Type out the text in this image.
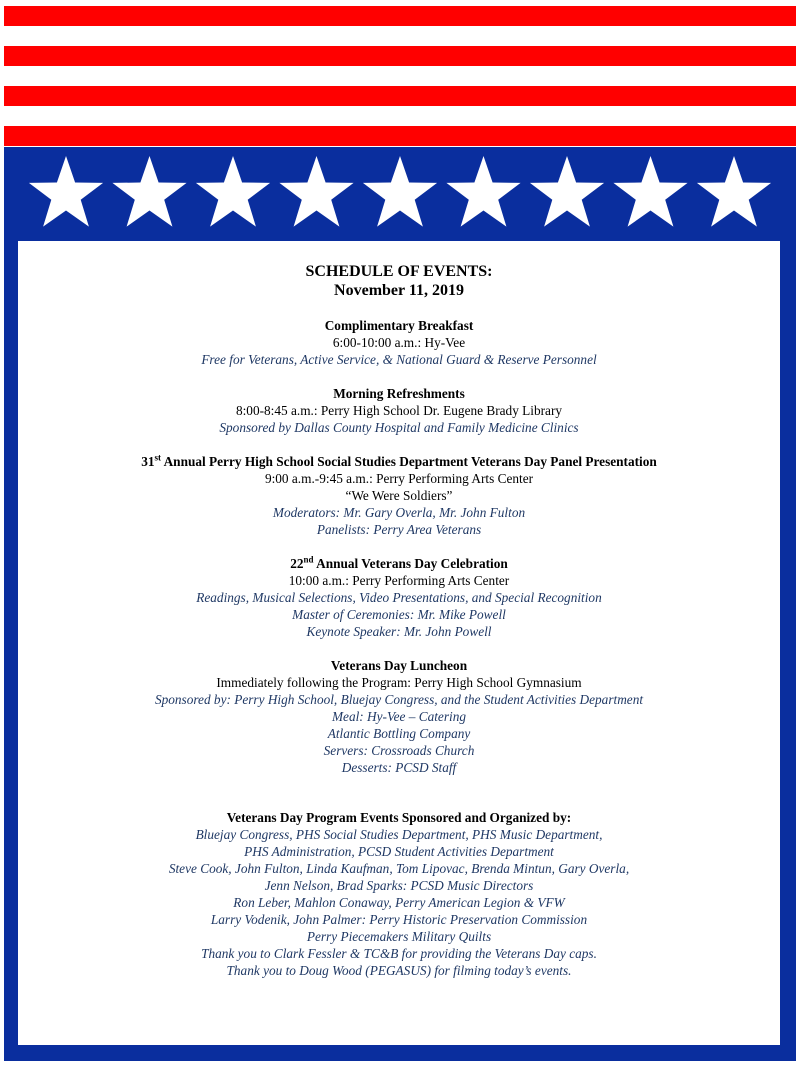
SCHEDULE OF EVENTS:

November 11, 2019

Complimentary Breakfast
6:00-10:00 a.m.: Hy-Vee
Free for Veterans, Active Service, & National Guard & Reserve Personnel
Morning Refreshments
8:00-8:45 a.m.: Perry High School Dr. Eugene Brady Library
Sponsored by Dallas County Hospital and Family Medicine Clinics
31st Annual Perry High School Social Studies Department Veterans Day Panel Presentation
9:00 a.m.-9:45 a.m.: Perry Performing Arts Center
“We Were Soldiers”
Moderators: Mr. Gary Overla, Mr. John Fulton
Panelists: Perry Area Veterans
22nd Annual Veterans Day Celebration
10:00 a.m.: Perry Performing Arts Center
Readings, Musical Selections, Video Presentations, and Special Recognition
Master of Ceremonies: Mr. Mike Powell
Keynote Speaker: Mr. John Powell
Veterans Day Luncheon
Immediately following the Program: Perry High School Gymnasium
Sponsored by: Perry High School, Bluejay Congress, and the Student Activities Department
Meal: Hy-Vee – Catering
Atlantic Bottling Company
Servers: Crossroads Church
Desserts: PCSD Staff
Veterans Day Program Events Sponsored and Organized by:
Bluejay Congress, PHS Social Studies Department, PHS Music Department,
PHS Administration, PCSD Student Activities Department
Steve Cook, John Fulton, Linda Kaufman, Tom Lipovac, Brenda Mintun, Gary Overla,
Jenn Nelson, Brad Sparks: PCSD Music Directors
Ron Leber, Mahlon Conaway, Perry American Legion & VFW
Larry Vodenik, John Palmer: Perry Historic Preservation Commission
Perry Piecemakers Military Quilts
Thank you to Clark Fessler & TC&B for providing the Veterans Day caps.
Thank you to Doug Wood (PEGASUS) for filming today’s events.
